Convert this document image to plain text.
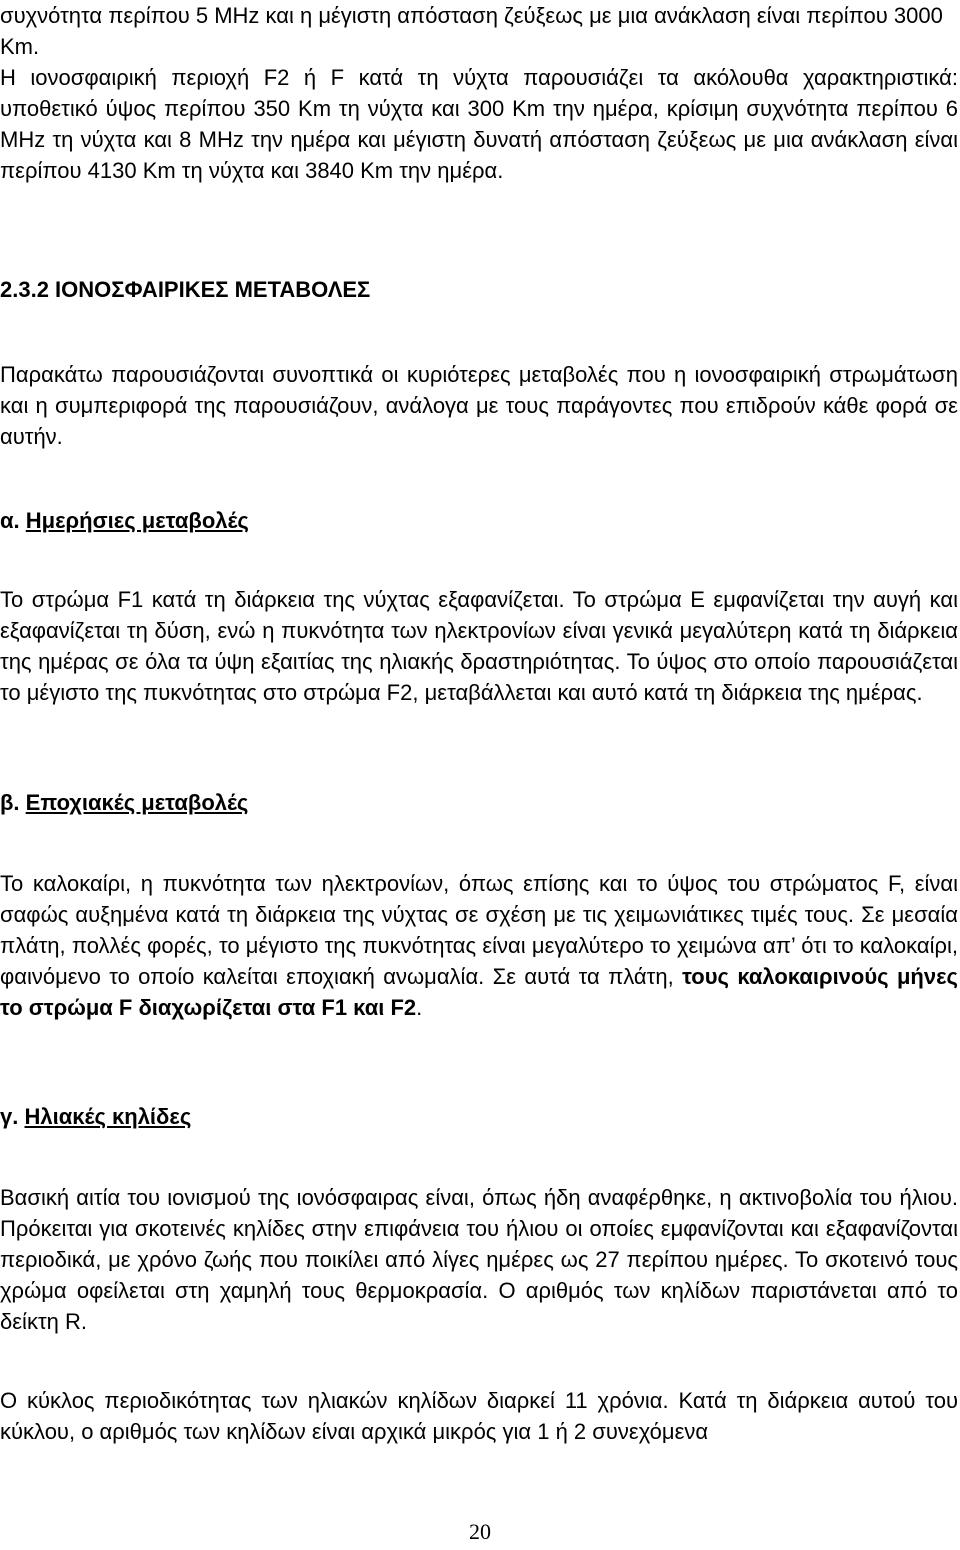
συχνότητα περίπου 5 MHz και η μέγιστη απόσταση ζεύξεως με μια ανάκλαση είναι περίπου 3000 Km.

Η ιονοσφαιρική περιοχή F2 ή F κατά τη νύχτα παρουσιάζει τα ακόλουθα χαρακτηριστικά: υποθετικό ύψος περίπου 350 Km τη νύχτα και 300 Km την ημέρα, κρίσιμη συχνότητα περίπου 6 MHz τη νύχτα και 8 MHz την ημέρα και μέγιστη δυνατή απόσταση ζεύξεως με μια ανάκλαση είναι περίπου 4130 Km τη νύχτα και 3840 Km την ημέρα.

2.3.2 ΙΟΝΟΣΦΑΙΡΙΚΕΣ ΜΕΤΑΒΟΛΕΣ

Παρακάτω παρουσιάζονται συνοπτικά οι κυριότερες μεταβολές που η ιονοσφαιρική στρωμάτωση και η συμπεριφορά της παρουσιάζουν, ανάλογα με τους παράγοντες που επιδρούν κάθε φορά σε αυτήν.

α. Ημερήσιες μεταβολές

Το στρώμα F1 κατά τη διάρκεια της νύχτας εξαφανίζεται. Το στρώμα E εμφανίζεται την αυγή και εξαφανίζεται τη δύση, ενώ η πυκνότητα των ηλεκτρονίων είναι γενικά μεγαλύτερη κατά τη διάρκεια της ημέρας σε όλα τα ύψη εξαιτίας της ηλιακής δραστηριότητας. Το ύψος στο οποίο παρουσιάζεται το μέγιστο της πυκνότητας στο στρώμα F2, μεταβάλλεται και αυτό κατά τη διάρκεια της ημέρας.

β. Εποχιακές μεταβολές

Το καλοκαίρι, η πυκνότητα των ηλεκτρονίων, όπως επίσης και το ύψος του στρώματος F, είναι σαφώς αυξημένα κατά τη διάρκεια της νύχτας σε σχέση με τις χειμωνιάτικες τιμές τους. Σε μεσαία πλάτη, πολλές φορές, το μέγιστο της πυκνότητας είναι μεγαλύτερο το χειμώνα απ’ ότι το καλοκαίρι, φαινόμενο το οποίο καλείται εποχιακή ανωμαλία. Σε αυτά τα πλάτη, τους καλοκαιρινούς μήνες το στρώμα F διαχωρίζεται στα F1 και F2.

γ. Ηλιακές κηλίδες

Βασική αιτία του ιονισμού της ιονόσφαιρας είναι, όπως ήδη αναφέρθηκε, η ακτινοβολία του ήλιου. Πρόκειται για σκοτεινές κηλίδες στην επιφάνεια του ήλιου οι οποίες εμφανίζονται και εξαφανίζονται περιοδικά, με χρόνο ζωής που ποικίλει από λίγες ημέρες ως 27 περίπου ημέρες. Το σκοτεινό τους χρώμα οφείλεται στη χαμηλή τους θερμοκρασία. Ο αριθμός των κηλίδων παριστάνεται από το δείκτη R.

Ο κύκλος περιοδικότητας των ηλιακών κηλίδων διαρκεί 11 χρόνια. Κατά τη διάρκεια αυτού του κύκλου, ο αριθμός των κηλίδων είναι αρχικά μικρός για 1 ή 2 συνεχόμενα

20
